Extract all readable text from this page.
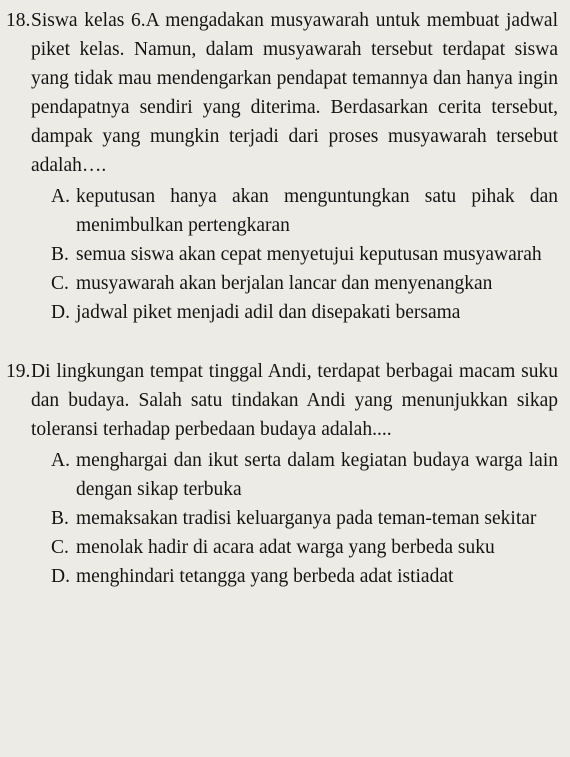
18. Siswa kelas 6.A mengadakan musyawarah untuk membuat jadwal piket kelas. Namun, dalam musyawarah tersebut terdapat siswa yang tidak mau mendengarkan pendapat temannya dan hanya ingin pendapatnya sendiri yang diterima. Berdasarkan cerita tersebut, dampak yang mungkin terjadi dari proses musyawarah tersebut adalah….
A. keputusan hanya akan menguntungkan satu pihak dan menimbulkan pertengkaran
B. semua siswa akan cepat menyetujui keputusan musyawarah
C. musyawarah akan berjalan lancar dan menyenangkan
D. jadwal piket menjadi adil dan disepakati bersama
19. Di lingkungan tempat tinggal Andi, terdapat berbagai macam suku dan budaya. Salah satu tindakan Andi yang menunjukkan sikap toleransi terhadap perbedaan budaya adalah....
A. menghargai dan ikut serta dalam kegiatan budaya warga lain dengan sikap terbuka
B. memaksakan tradisi keluarganya pada teman-teman sekitar
C. menolak hadir di acara adat warga yang berbeda suku
D. menghindari tetangga yang berbeda adat istiadat
